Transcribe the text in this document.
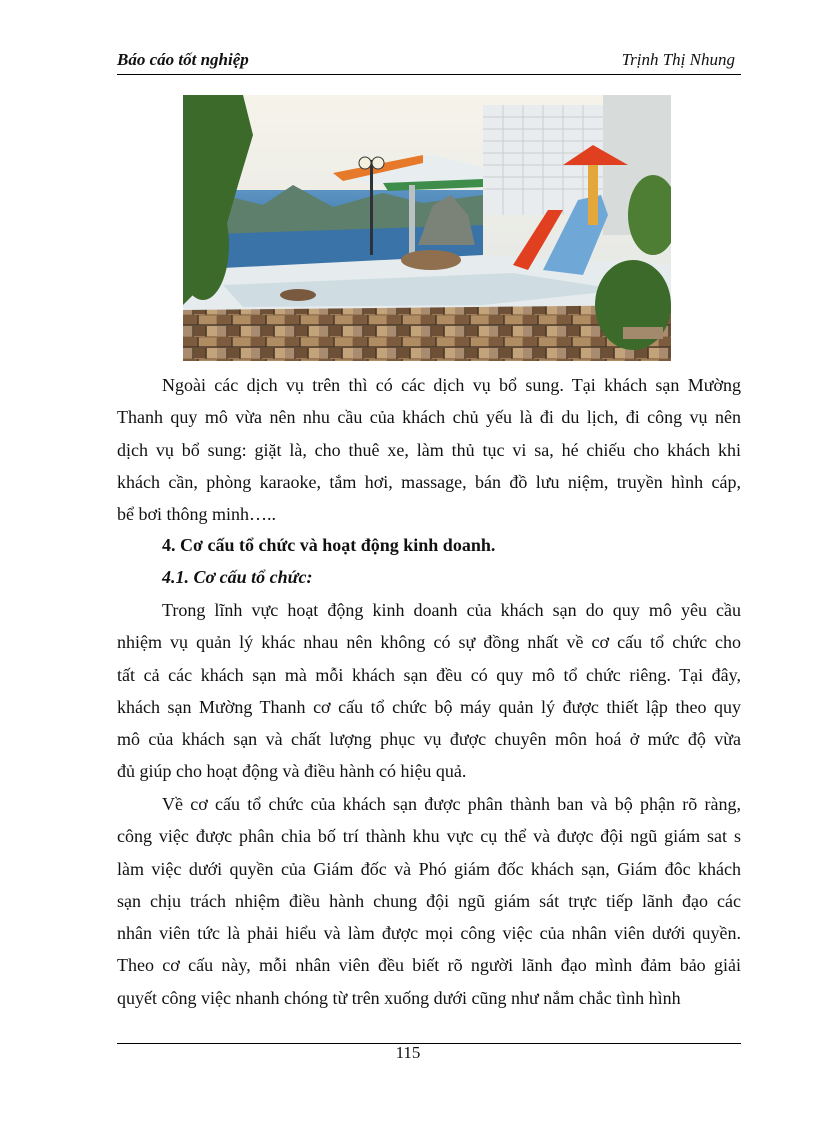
Báo cáo tốt nghiệp	Trịnh Thị Nhung
Ngoài các dịch vụ trên thì có các dịch vụ bổ sung. Tại khách sạn Mường
Thanh quy mô vừa nên nhu cầu của khách chủ yếu là đi du lịch, đi công vụ nên
dịch vụ bổ sung: giặt là, cho thuê xe, làm thủ tục vi sa, hé chiếu cho khách khi
khách cần, phòng karaoke, tắm hơi, massage, bán đồ lưu niệm, truyền hình cáp,
bể bơi thông minh…..
4. Cơ cấu tổ chức và hoạt động kinh doanh.
4.1. Cơ cấu tổ chức:
Trong lĩnh vực hoạt động kinh doanh của khách sạn do quy mô yêu cầu
nhiệm vụ quản lý khác nhau nên không có sự đồng nhất về cơ cấu tổ chức cho
tất cả các khách sạn mà mỗi khách sạn đều có quy mô tổ chức riêng. Tại đây,
khách sạn Mường Thanh cơ cấu tổ chức bộ máy quản lý được thiết lập theo quy
mô của khách sạn và chất lượng phục vụ được chuyên môn hoá ở mức độ vừa
đủ giúp cho hoạt động và điều hành có hiệu quả.
Về cơ cấu tổ chức của khách sạn được phân thành ban và bộ phận rõ ràng,
công việc được phân chia bố trí thành khu vực cụ thể và được đội ngũ giám sat s
làm việc dưới quyền của Giám đốc và Phó giám đốc khách sạn, Giám đôc khách
sạn chịu trách nhiệm điều hành chung đội ngũ giám sát trực tiếp lãnh đạo các
nhân viên tức là phải hiểu và làm được mọi công việc của nhân viên dưới quyền.
Theo cơ cấu này, mỗi nhân viên đều biết rõ người lãnh đạo mình đảm bảo giải
quyết công việc nhanh chóng từ trên xuống dưới cũng như nắm chắc tình hình
115
